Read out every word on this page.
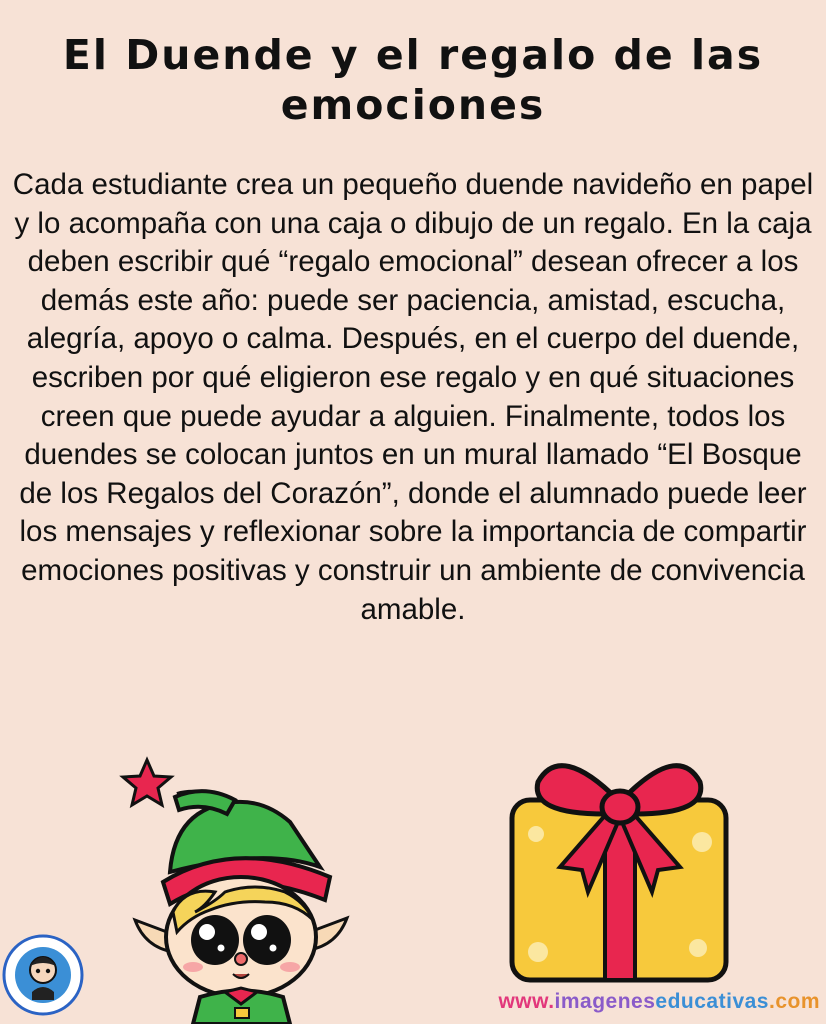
El Duende y el regalo de las emociones
Cada estudiante crea un pequeño duende navideño en papel y lo acompaña con una caja o dibujo de un regalo. En la caja deben escribir qué “regalo emocional” desean ofrecer a los demás este año: puede ser paciencia, amistad, escucha, alegría, apoyo o calma. Después, en el cuerpo del duende, escriben por qué eligieron ese regalo y en qué situaciones creen que puede ayudar a alguien. Finalmente, todos los duendes se colocan juntos en un mural llamado “El Bosque de los Regalos del Corazón”, donde el alumnado puede leer los mensajes y reflexionar sobre la importancia de compartir emociones positivas y construir un ambiente de convivencia amable.
www.imageneseducativas.com
